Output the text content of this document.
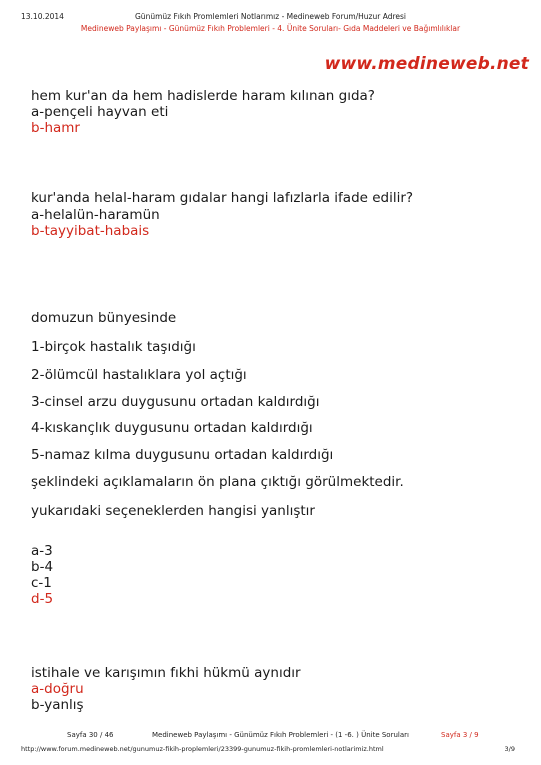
13.10.2014	Günümüz Fıkıh Promlemleri Notlarımız - Medineweb Forum/Huzur Adresi
Medineweb Paylaşımı - Günümüz Fıkıh Problemleri - 4. Ünite Soruları- Gıda Maddeleri ve Bağımlılıklar
www.medineweb.net
hem kur'an da hem hadislerde haram kılınan gıda?
a-pençeli hayvan eti
b-hamr
kur'anda helal-haram gıdalar hangi lafızlarla ifade edilir?
a-helalün-haramün
b-tayyibat-habais
domuzun bünyesinde
1-birçok hastalık taşıdığı
2-ölümcül hastalıklara yol açtığı
3-cinsel arzu duygusunu ortadan kaldırdığı
4-kıskançlık duygusunu ortadan kaldırdığı
5-namaz kılma duygusunu ortadan kaldırdığı
şeklindeki açıklamaların ön plana çıktığı görülmektedir.
yukarıdaki seçeneklerden hangisi yanlıştır
a-3
b-4
c-1
d-5
istihale ve karışımın fıkhi hükmü aynıdır
a-doğru
b-yanlış
Sayfa 30 / 46	Medineweb Paylaşımı - Günümüz Fıkıh Problemleri - (1 -6. ) Ünite Soruları	Sayfa 3 / 9
http://www.forum.medineweb.net/gunumuz-fikih-proplemleri/23399-gunumuz-fikih-promlemleri-notlarimiz.html	3/9
